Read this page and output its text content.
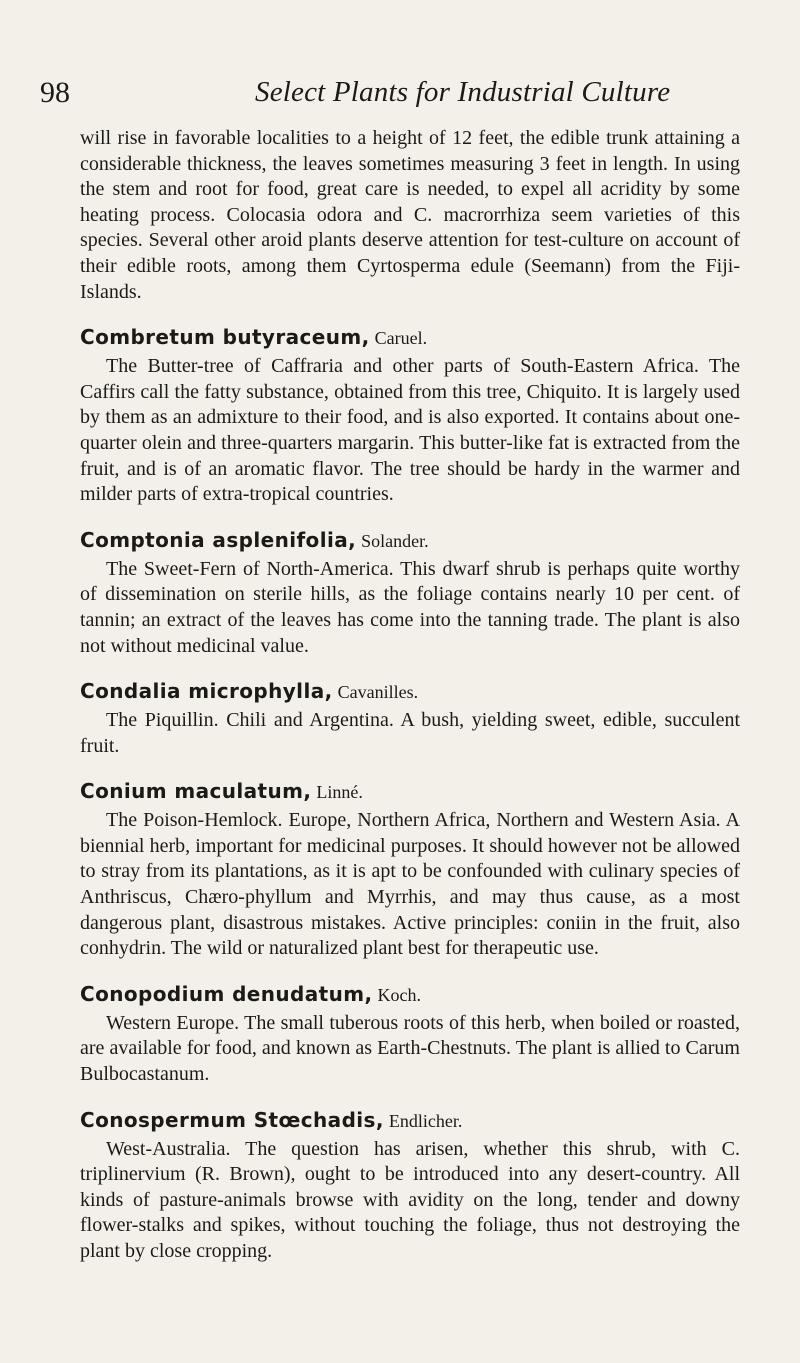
98	Select Plants for Industrial Culture

will rise in favorable localities to a height of 12 feet, the edible trunk attaining a considerable thickness, the leaves sometimes measuring 3 feet in length. In using the stem and root for food, great care is needed, to expel all acridity by some heating process. Colocasia odora and C. macrorrhiza seem varieties of this species. Several other aroid plants deserve attention for test-culture on account of their edible roots, among them Cyrtosperma edule (Seemann) from the Fiji-Islands.

Combretum butyraceum, Caruel.

The Butter-tree of Caffraria and other parts of South-Eastern Africa. The Caffirs call the fatty substance, obtained from this tree, Chiquito. It is largely used by them as an admixture to their food, and is also exported. It contains about one-quarter olein and three-quarters margarin. This butter-like fat is extracted from the fruit, and is of an aromatic flavor. The tree should be hardy in the warmer and milder parts of extra-tropical countries.

Comptonia asplenifolia, Solander.

The Sweet-Fern of North-America. This dwarf shrub is perhaps quite worthy of dissemination on sterile hills, as the foliage contains nearly 10 per cent. of tannin; an extract of the leaves has come into the tanning trade. The plant is also not without medicinal value.

Condalia microphylla, Cavanilles.

The Piquillin. Chili and Argentina. A bush, yielding sweet, edible, succulent fruit.

Conium maculatum, Linné.

The Poison-Hemlock. Europe, Northern Africa, Northern and Western Asia. A biennial herb, important for medicinal purposes. It should however not be allowed to stray from its plantations, as it is apt to be confounded with culinary species of Anthriscus, Chæro-phyllum and Myrrhis, and may thus cause, as a most dangerous plant, disastrous mistakes. Active principles: coniin in the fruit, also conhydrin. The wild or naturalized plant best for therapeutic use.

Conopodium denudatum, Koch.

Western Europe. The small tuberous roots of this herb, when boiled or roasted, are available for food, and known as Earth-Chestnuts. The plant is allied to Carum Bulbocastanum.

Conospermum Stœchadis, Endlicher.

West-Australia. The question has arisen, whether this shrub, with C. triplinervium (R. Brown), ought to be introduced into any desert-country. All kinds of pasture-animals browse with avidity on the long, tender and downy flower-stalks and spikes, without touching the foliage, thus not destroying the plant by close cropping.
